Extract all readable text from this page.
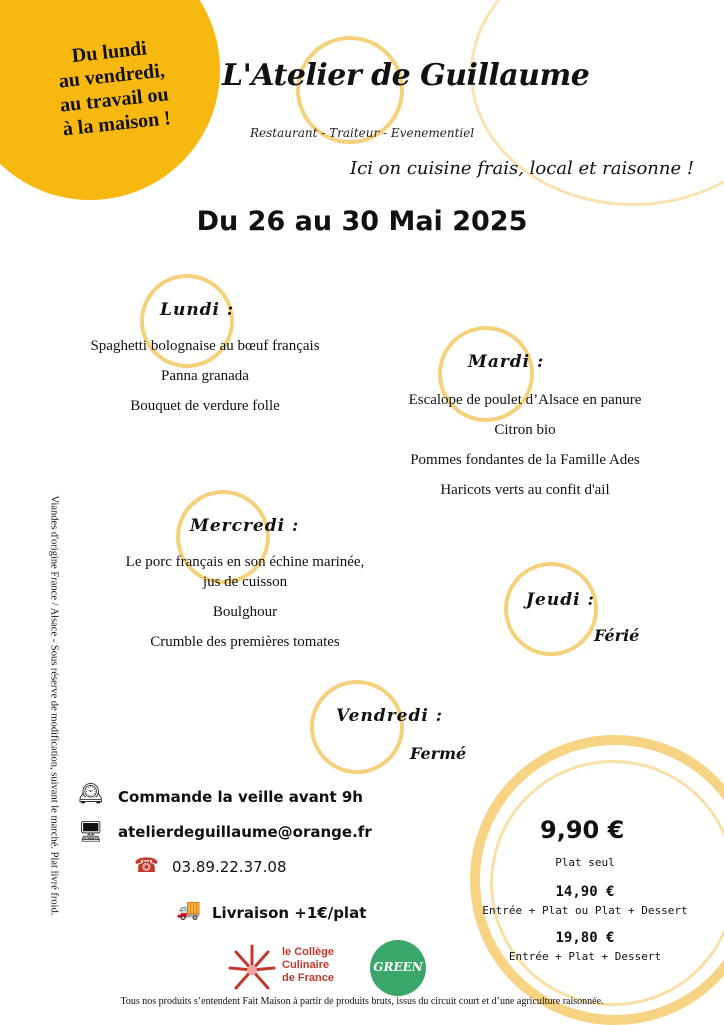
Du lundi
au vendredi,
au travail ou
à la maison !
L'Atelier de Guillaume
Restaurant - Traiteur - Evenementiel
Ici on cuisine frais, local et raisonne !
Du 26 au 30 Mai 2025
Lundi :
Spaghetti bolognaise au bœuf français
Panna granada
Bouquet de verdure folle
Mardi :
Escalope de poulet d’Alsace en panure
Citron bio
Pommes fondantes de la Famille Ades
Haricots verts au confit d'ail
Mercredi :
Le porc français en son échine marinée,
jus de cuisson
Boulghour
Crumble des premières tomates
Jeudi :
Férié
Vendredi :
Fermé
🕰 Commande la veille avant 9h
🖥 atelierdeguillaume@orange.fr
☎ 03.89.22.37.08
🚚 Livraison +1€/plat
9,90 €
Plat seul
14,90 €
Entrée + Plat ou Plat + Dessert
19,80 €
Entrée + Plat + Dessert
Viandes d'origine France / Alsace - Sous réserve de modification, suivant le marché. Plat livré froid.
le Collège
Culinaire
de France
GREEN
Tous nos produits s’entendent Fait Maison à partir de produits bruts, issus du circuit court et d’une agriculture raisonnée.
